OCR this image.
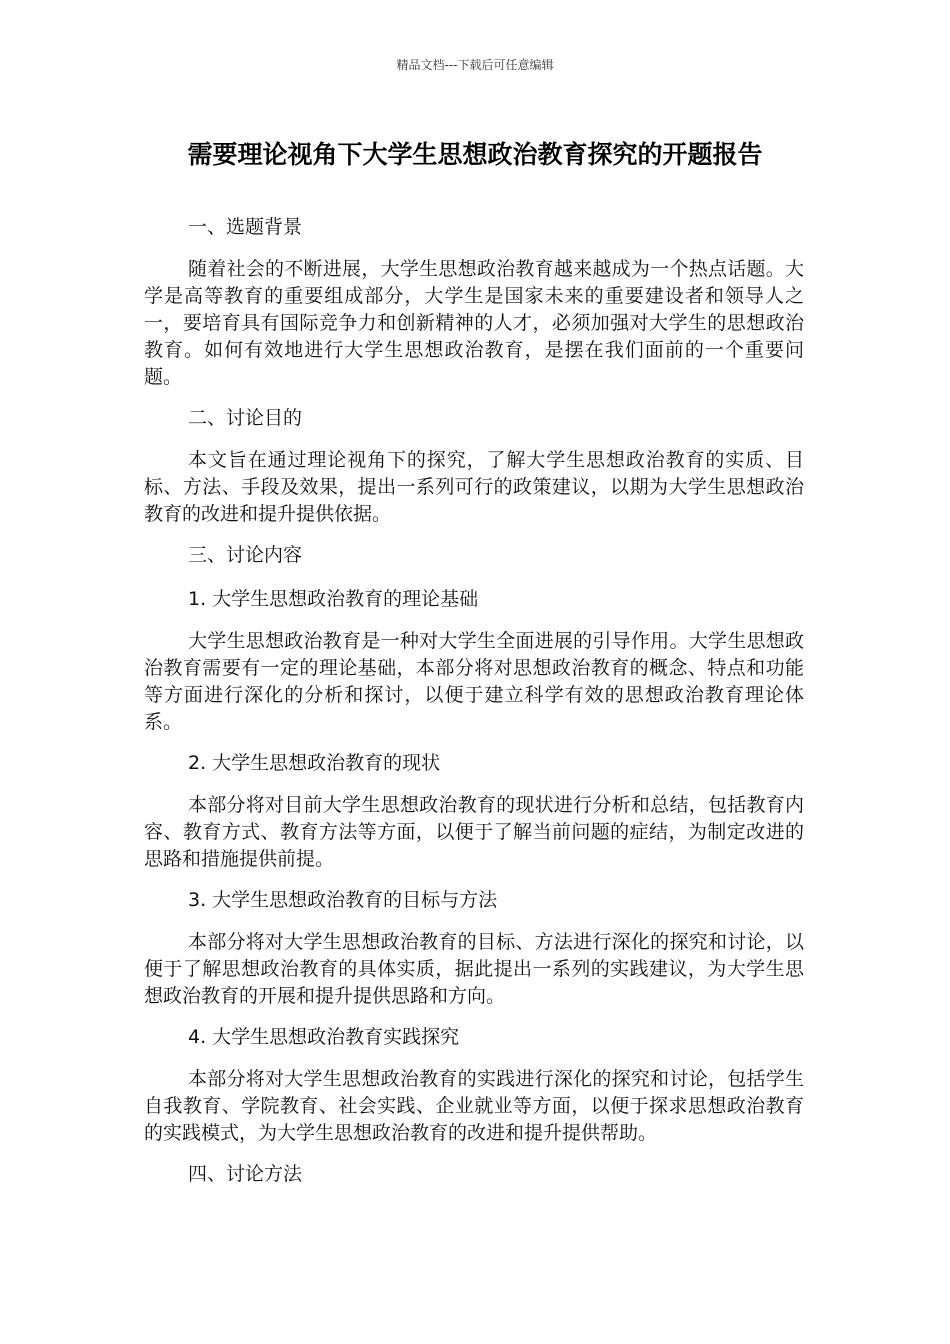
精品文档---下载后可任意编辑
需要理论视角下大学生思想政治教育探究的开题报告
一、选题背景
随着社会的不断进展，大学生思想政治教育越来越成为一个热点话题。大学是高等教育的重要组成部分，大学生是国家未来的重要建设者和领导人之一，要培育具有国际竞争力和创新精神的人才，必须加强对大学生的思想政治教育。如何有效地进行大学生思想政治教育，是摆在我们面前的一个重要问题。
二、讨论目的
本文旨在通过理论视角下的探究，了解大学生思想政治教育的实质、目标、方法、手段及效果，提出一系列可行的政策建议，以期为大学生思想政治教育的改进和提升提供依据。
三、讨论内容
1. 大学生思想政治教育的理论基础
大学生思想政治教育是一种对大学生全面进展的引导作用。大学生思想政治教育需要有一定的理论基础，本部分将对思想政治教育的概念、特点和功能等方面进行深化的分析和探讨，以便于建立科学有效的思想政治教育理论体系。
2. 大学生思想政治教育的现状
本部分将对目前大学生思想政治教育的现状进行分析和总结，包括教育内容、教育方式、教育方法等方面，以便于了解当前问题的症结，为制定改进的思路和措施提供前提。
3. 大学生思想政治教育的目标与方法
本部分将对大学生思想政治教育的目标、方法进行深化的探究和讨论，以便于了解思想政治教育的具体实质，据此提出一系列的实践建议，为大学生思想政治教育的开展和提升提供思路和方向。
4. 大学生思想政治教育实践探究
本部分将对大学生思想政治教育的实践进行深化的探究和讨论，包括学生自我教育、学院教育、社会实践、企业就业等方面，以便于探求思想政治教育的实践模式，为大学生思想政治教育的改进和提升提供帮助。
四、讨论方法
